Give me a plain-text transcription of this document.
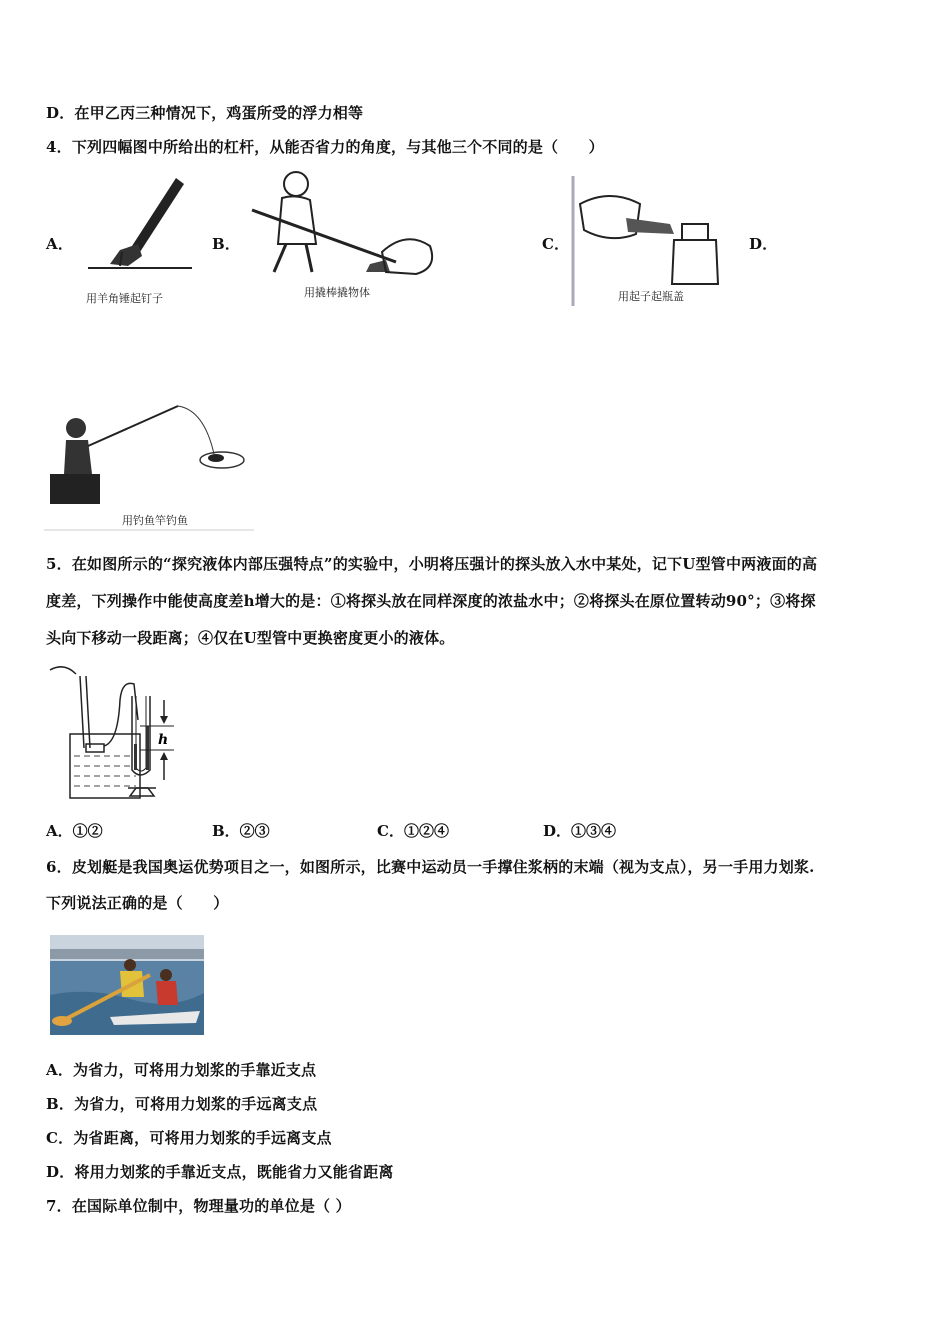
D．在甲乙丙三种情况下，鸡蛋所受的浮力相等
4．下列四幅图中所给出的杠杆，从能否省力的角度，与其他三个不同的是（　　）
A．
用羊角锤起钉子
B．
用撬棒撬物体
C．
用起子起瓶盖
D．
用钓鱼竿钓鱼
5．在如图所示的“探究液体内部压强特点”的实验中，小明将压强计的探头放入水中某处，记下U型管中两液面的高
度差，下列操作中能使高度差h增大的是：①将探头放在同样深度的浓盐水中；②将探头在原位置转动90°；③将探
头向下移动一段距离；④仅在U型管中更换密度更小的液体。
h
A．①②	B．②③	C．①②④	D．①③④
6．皮划艇是我国奥运优势项目之一，如图所示，比赛中运动员一手撑住浆柄的末端（视为支点），另一手用力划浆.
下列说法正确的是（　　）
A．为省力，可将用力划浆的手靠近支点
B．为省力，可将用力划浆的手远离支点
C．为省距离，可将用力划浆的手远离支点
D．将用力划浆的手靠近支点，既能省力又能省距离
7．在国际单位制中，物理量功的单位是（ ）
